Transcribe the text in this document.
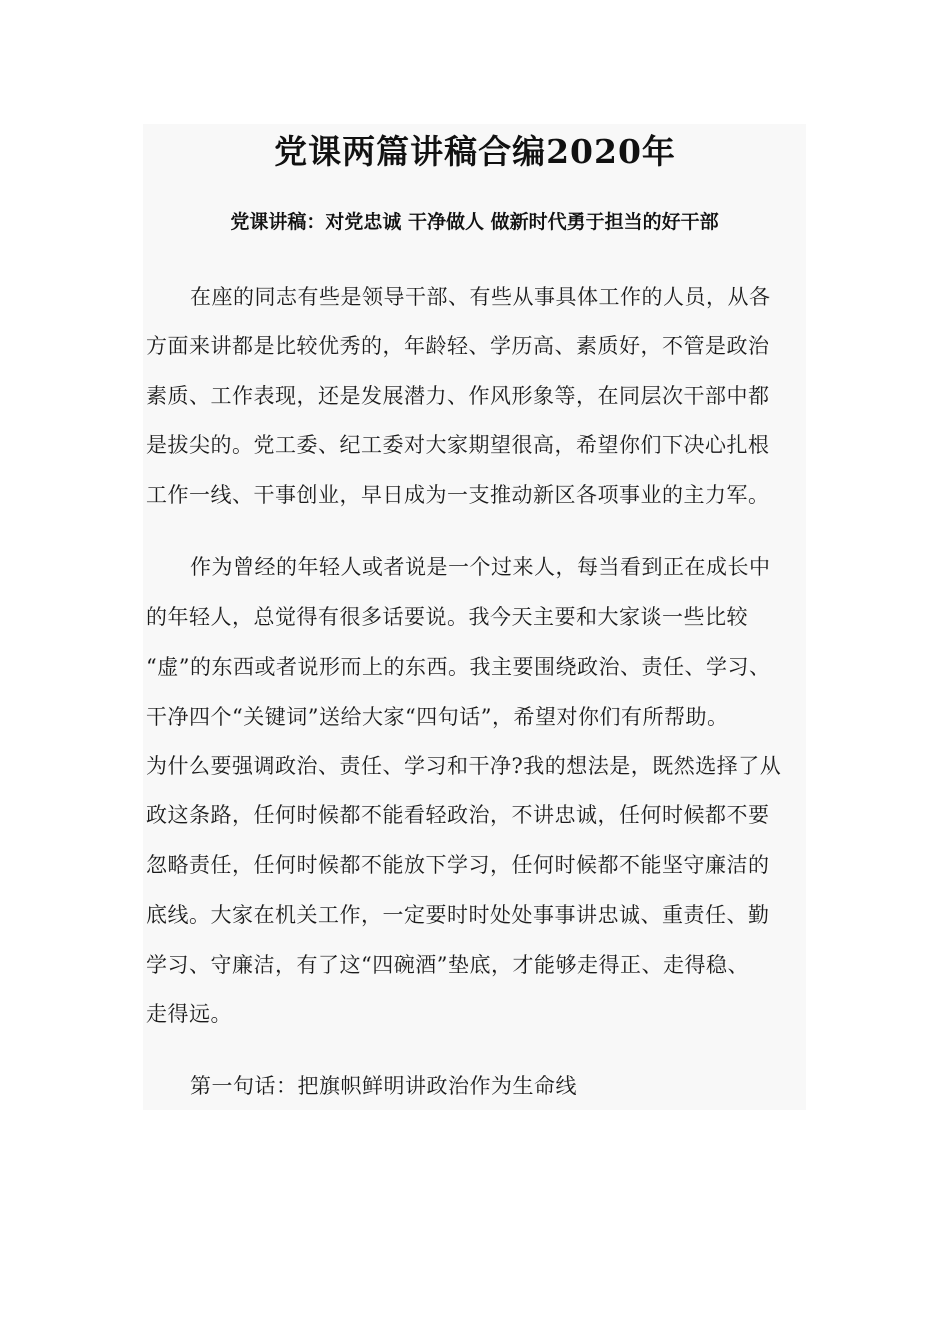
党课两篇讲稿合编2020年
党课讲稿：对党忠诚 干净做人 做新时代勇于担当的好干部
在座的同志有些是领导干部、有些从事具体工作的人员，从各
方面来讲都是比较优秀的，年龄轻、学历高、素质好，不管是政治
素质、工作表现，还是发展潜力、作风形象等，在同层次干部中都
是拔尖的。党工委、纪工委对大家期望很高，希望你们下决心扎根
工作一线、干事创业，早日成为一支推动新区各项事业的主力军。
作为曾经的年轻人或者说是一个过来人，每当看到正在成长中
的年轻人，总觉得有很多话要说。我今天主要和大家谈一些比较
“虚”的东西或者说形而上的东西。我主要围绕政治、责任、学习、
干净四个“关键词”送给大家“四句话”，希望对你们有所帮助。
为什么要强调政治、责任、学习和干净?我的想法是，既然选择了从
政这条路，任何时候都不能看轻政治，不讲忠诚，任何时候都不要
忽略责任，任何时候都不能放下学习，任何时候都不能坚守廉洁的
底线。大家在机关工作，一定要时时处处事事讲忠诚、重责任、勤
学习、守廉洁，有了这“四碗酒”垫底，才能够走得正、走得稳、
走得远。
第一句话：把旗帜鲜明讲政治作为生命线
